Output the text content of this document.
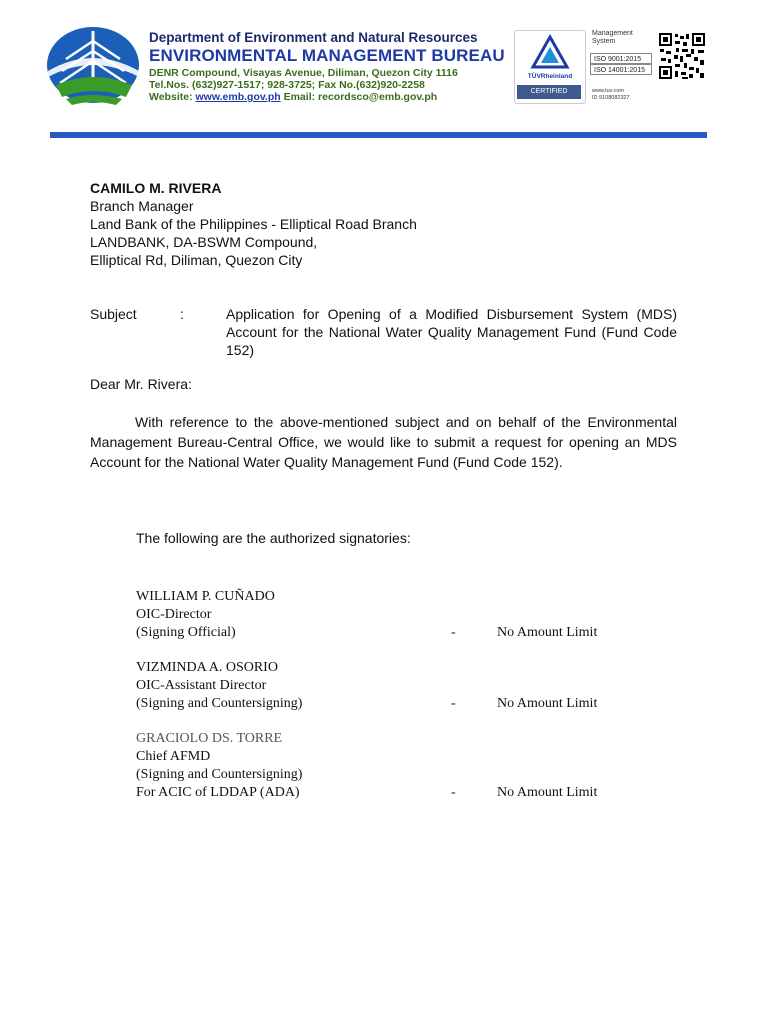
Department of Environment and Natural Resources
ENVIRONMENTAL MANAGEMENT BUREAU
DENR Compound, Visayas Avenue, Diliman, Quezon City 1116
Tel.Nos. (632)927-1517; 928-3725; Fax No.(632)920-2258
Website: www.emb.gov.ph Email: recordsco@emb.gov.ph
TÜVRheinland
CERTIFIED
Management
System
ISO 9001:2015
ISO 14001:2015
www.tuv.com
ID 9108082327
CAMILO M. RIVERA
Branch Manager
Land Bank of the Philippines - Elliptical Road Branch
LANDBANK, DA-BSWM Compound,
Elliptical Rd, Diliman, Quezon City
Subject	:	Application for Opening of a Modified Disbursement System (MDS) Account for the National Water Quality Management Fund (Fund Code 152)
Dear Mr. Rivera:
With reference to the above-mentioned subject and on behalf of the Environmental Management Bureau-Central Office, we would like to submit a request for opening an MDS Account for the National Water Quality Management Fund (Fund Code 152).
The following are the authorized signatories:
WILLIAM P. CUÑADO
OIC-Director
(Signing Official)	-	No Amount Limit
VIZMINDA A. OSORIO
OIC-Assistant Director
(Signing and Countersigning)	-	No Amount Limit
GRACIOLO DS. TORRE
Chief AFMD
(Signing and Countersigning)
For ACIC of LDDAP (ADA)	-	No Amount Limit
